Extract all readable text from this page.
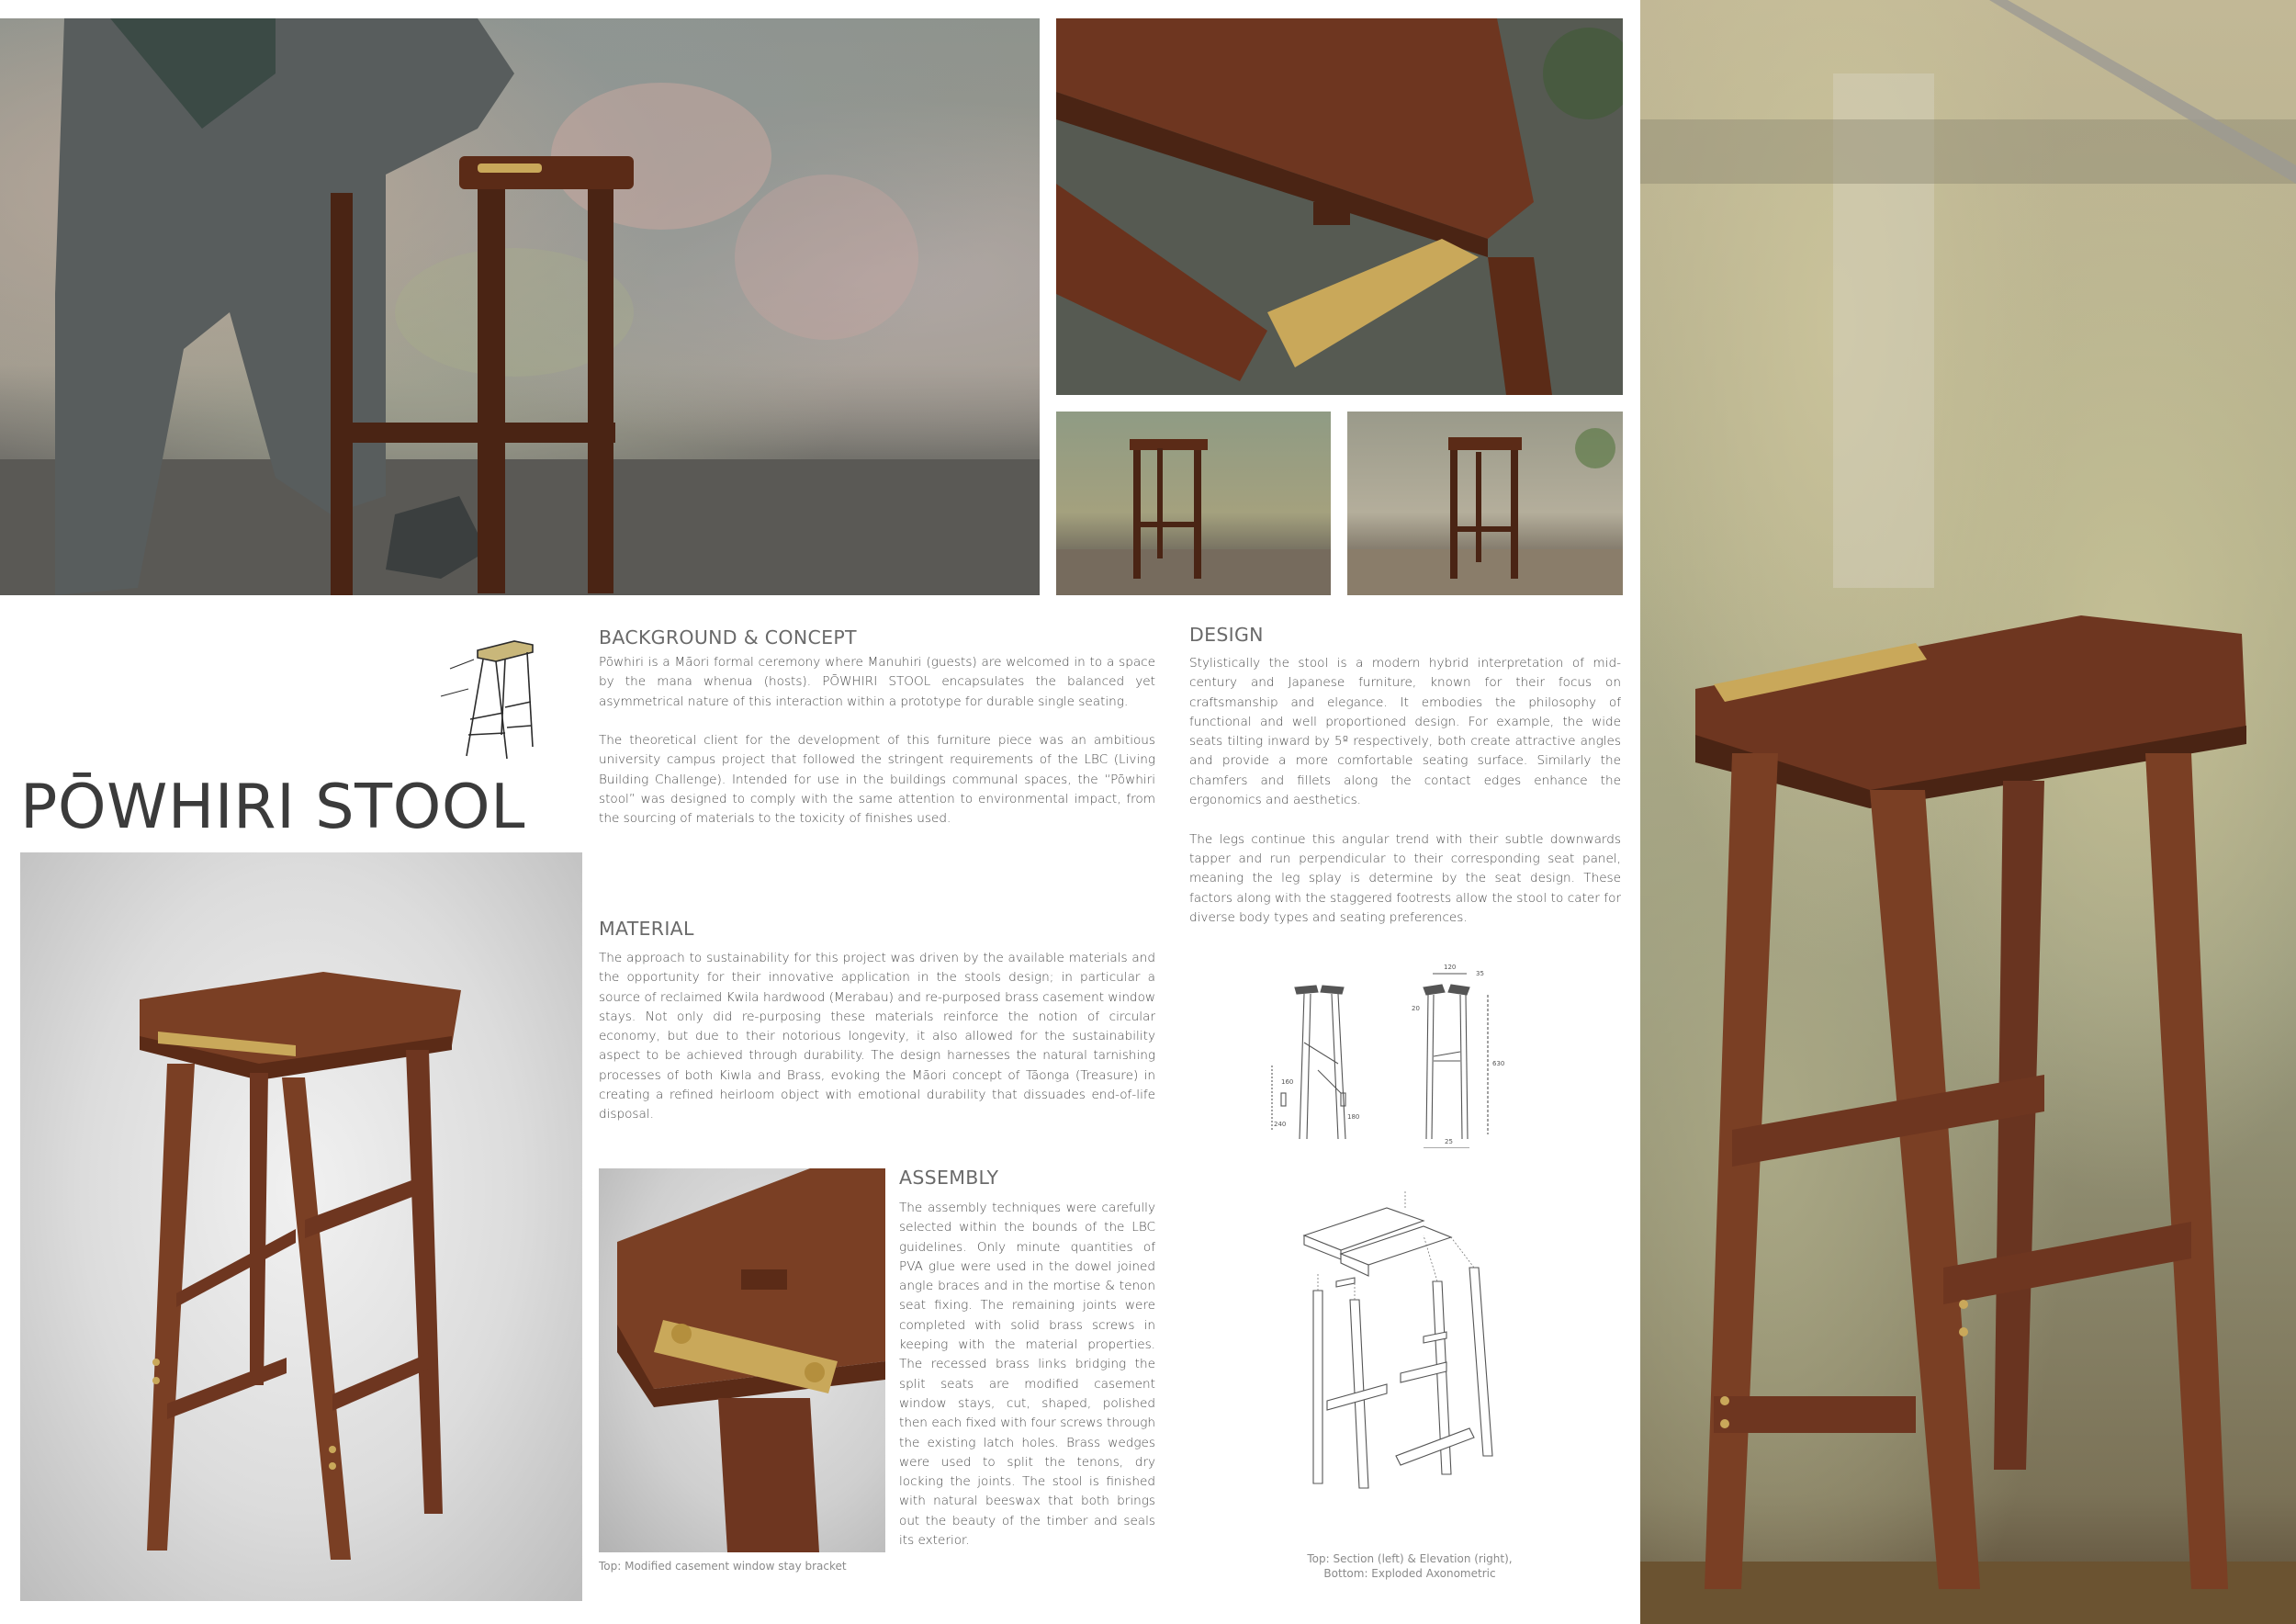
PŌWHIRI STOOL
BACKGROUND & CONCEPT

Pōwhiri is a Māori formal ceremony where Manuhiri (guests) are welcomed in to a space by the mana whenua (hosts). PŌWHIRI STOOL encapsulates the balanced yet asymmetrical nature of this interaction within a prototype for durable single seating.

The theoretical client for the development of this furniture piece was an ambitious university campus project that followed the stringent requirements of the LBC (Living Building Challenge). Intended for use in the buildings communal spaces, the “Pōwhiri stool” was designed to comply with the same attention to environmental impact, from the sourcing of materials to the toxicity of finishes used.

MATERIAL

The approach to sustainability for this project was driven by the available materials and the opportunity for their innovative application in the stools design; in particular a source of reclaimed Kwila hardwood (Merabau) and re-purposed brass casement window stays. Not only did re-purposing these materials reinforce the notion of circular economy, but due to their notorious longevity, it also allowed for the sustainability aspect to be achieved through durability. The design harnesses the natural tarnishing processes of both Kiwla and Brass, evoking the Māori concept of Tāonga (Treasure) in creating a refined heirloom object with emotional durability that dissuades end-of-life disposal.

ASSEMBLY

The assembly techniques were carefully selected within the bounds of the LBC guidelines. Only minute quantities of PVA glue were used in the dowel joined angle braces and in the mortise & tenon seat fixing. The remaining joints were completed with solid brass screws in keeping with the material properties. The recessed brass links bridging the split seats are modified casement window stays, cut, shaped, polished then each fixed with four screws through the existing latch holes. Brass wedges were used to split the tenons, dry locking the joints. The stool is finished with natural beeswax that both brings out the beauty of the timber and seals its exterior.

Top: Modified casement window stay bracket
DESIGN

Stylistically the stool is a modern hybrid interpretation of mid-century and Japanese furniture, known for their focus on craftsmanship and elegance. It embodies the philosophy of functional and well proportioned design. For example, the wide seats tilting inward by 5º respectively, both create attractive angles and provide a more comfortable seating surface. Similarly the chamfers and fillets along the contact edges enhance the ergonomics and aesthetics.

The legs continue this angular trend with their subtle downwards tapper and run perpendicular to their corresponding seat panel, meaning the leg splay is determine by the seat design. These factors along with the staggered footrests allow the stool to cater for diverse body types and seating preferences.

120
35
20
630
160
25
180
240
Top: Section (left) & Elevation (right),
Bottom: Exploded Axonometric
